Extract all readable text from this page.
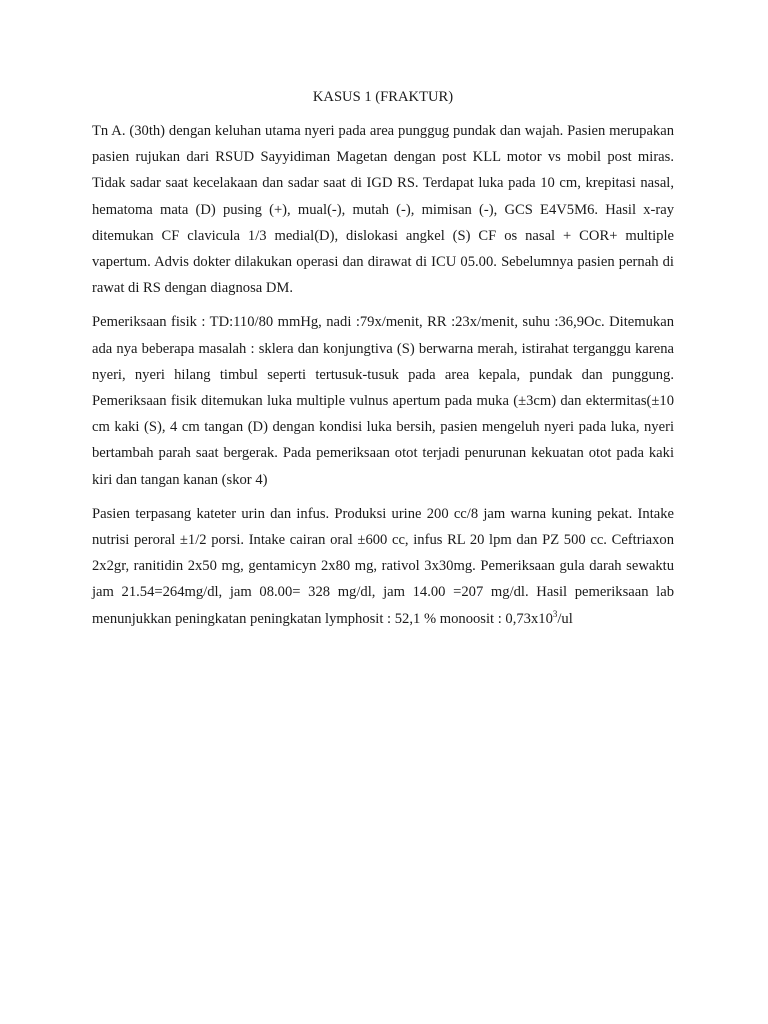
KASUS 1 (FRAKTUR)

Tn A. (30th) dengan keluhan utama nyeri pada area punggug pundak dan wajah. Pasien merupakan pasien rujukan dari RSUD Sayyidiman Magetan dengan post KLL motor vs mobil post miras. Tidak sadar saat kecelakaan dan sadar saat di IGD RS. Terdapat luka pada 10 cm, krepitasi nasal, hematoma mata (D) pusing (+), mual(-), mutah (-), mimisan (-), GCS E4V5M6. Hasil x-ray ditemukan CF clavicula 1/3 medial(D), dislokasi angkel (S) CF os nasal + COR+ multiple vapertum. Advis dokter dilakukan operasi dan dirawat di ICU 05.00. Sebelumnya pasien pernah di rawat di RS dengan diagnosa DM.

Pemeriksaan fisik : TD:110/80 mmHg, nadi :79x/menit, RR :23x/menit, suhu :36,9Oc. Ditemukan ada nya beberapa masalah : sklera dan konjungtiva (S) berwarna merah, istirahat terganggu karena nyeri, nyeri hilang timbul seperti tertusuk-tusuk pada area kepala, pundak dan punggung. Pemeriksaan fisik ditemukan luka multiple vulnus apertum pada muka (±3cm) dan ektermitas(±10 cm kaki (S), 4 cm tangan (D) dengan kondisi luka bersih, pasien mengeluh nyeri pada luka, nyeri bertambah parah saat bergerak. Pada pemeriksaan otot terjadi penurunan kekuatan otot pada kaki kiri dan tangan kanan (skor 4)

Pasien terpasang kateter urin dan infus. Produksi urine 200 cc/8 jam warna kuning pekat. Intake nutrisi peroral ±1/2 porsi. Intake cairan oral ±600 cc, infus RL 20 lpm dan PZ 500 cc. Ceftriaxon 2x2gr, ranitidin 2x50 mg, gentamicyn 2x80 mg, rativol 3x30mg. Pemeriksaan gula darah sewaktu jam 21.54=264mg/dl, jam 08.00= 328 mg/dl, jam 14.00 =207 mg/dl. Hasil pemeriksaan lab menunjukkan peningkatan peningkatan lymphosit : 52,1 % monoosit : $0,73x10^3/ul$
